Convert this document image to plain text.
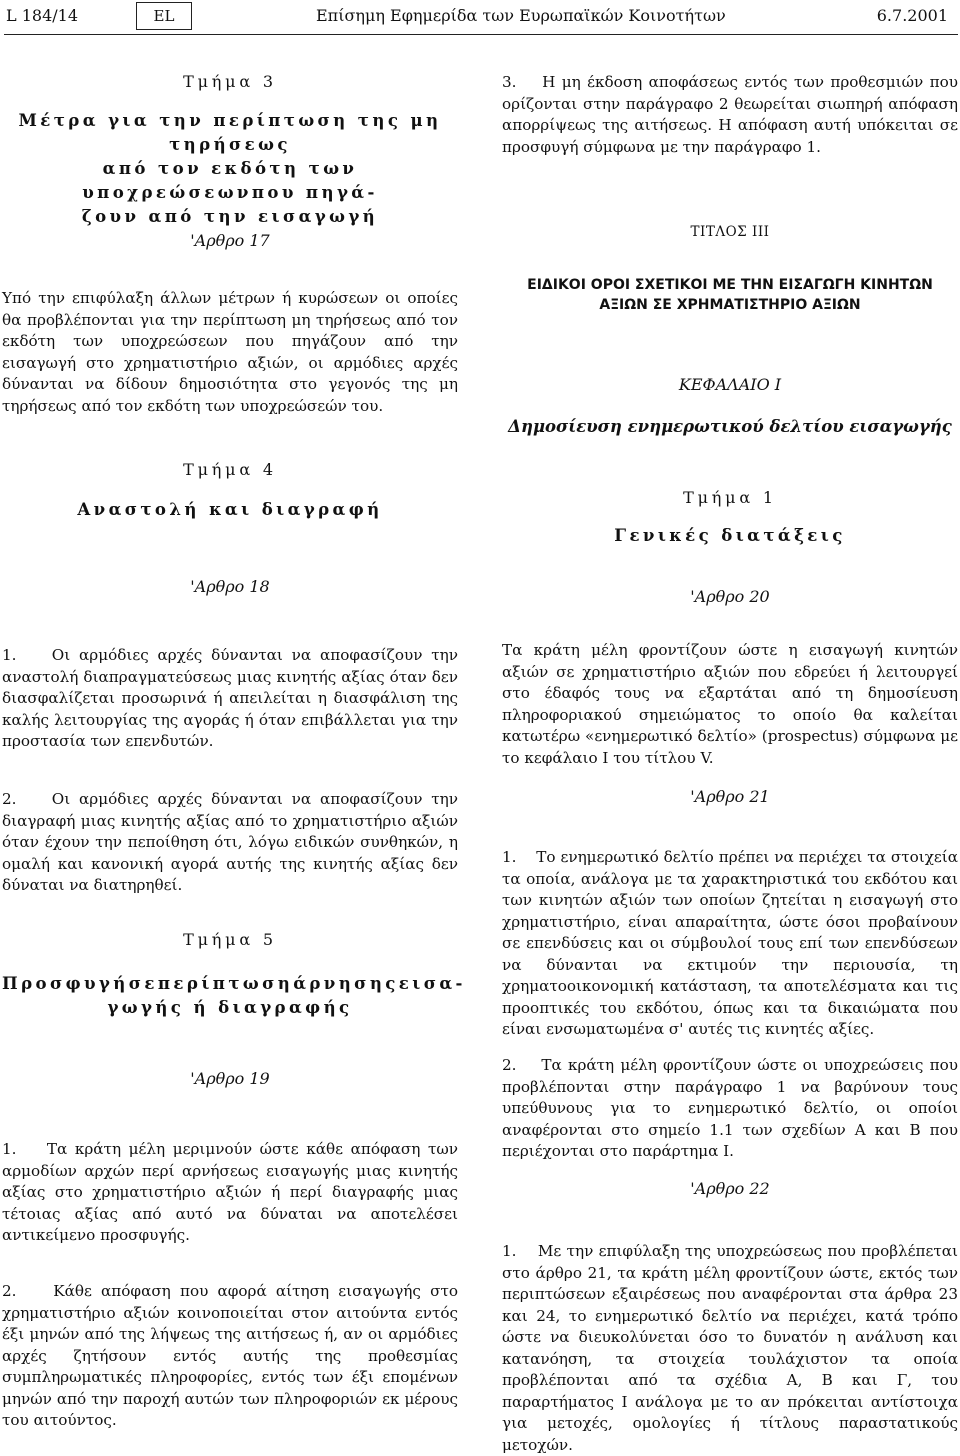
L 184/14	EL	Επίσημη Εφημερίδα των Ευρωπαϊκών Κοινοτήτων	6.7.2001
Τμήμα 3
Μέτρα για την περίπτωση της μη τηρήσεως
από τον εκδότη των υποχρεώσεωνπου πηγά-
ζουν από την εισαγωγή
'Αρθρο 17

Υπό την επιφύλαξη άλλων μέτρων ή κυρώσεων οι οποίες θα προβλέπονται για την περίπτωση μη τηρήσεως από τον εκδότη των υποχρεώσεων που πηγάζουν από την εισαγωγή στο χρηματιστήριο αξιών, οι αρμόδιες αρχές δύνανται να δίδουν δημοσιότητα στο γεγονός της μη τηρήσεως από τον εκδότη των υποχρεώσεών του.

Τμήμα 4
Αναστολή και διαγραφή
'Αρθρο 18

1.    Οι αρμόδιες αρχές δύνανται να αποφασίζουν την αναστολή διαπραγματεύσεως μιας κινητής αξίας όταν δεν διασφαλίζεται προσωρινά ή απειλείται η διασφάλιση της καλής λειτουργίας της αγοράς ή όταν επιβάλλεται για την προστασία των επενδυτών.

2.    Οι αρμόδιες αρχές δύνανται να αποφασίζουν την διαγραφή μιας κινητής αξίας από το χρηματιστήριο αξιών όταν έχουν την πεποίθηση ότι, λόγω ειδικών συνθηκών, η ομαλή και κανονική αγορά αυτής της κινητής αξίας δεν δύναται να διατηρηθεί.

Τμήμα 5
Προσφυγή σε περίπτωση άρνησης εισα-
γωγής ή διαγραφής
'Αρθρο 19

1.    Τα κράτη μέλη μεριμνούν ώστε κάθε απόφαση των αρμοδίων αρχών περί αρνήσεως εισαγωγής μιας κινητής αξίας στο χρηματιστήριο αξιών ή περί διαγραφής μιας τέτοιας αξίας από αυτό να δύναται να αποτελέσει αντικείμενο προσφυγής.

2.    Κάθε απόφαση που αφορά αίτηση εισαγωγής στο χρηματιστήριο αξιών κοινοποιείται στον αιτούντα εντός έξι μηνών από της λήψεως της αιτήσεως ή, αν οι αρμόδιες αρχές ζητήσουν εντός αυτής της προθεσμίας συμπληρωματικές πληροφορίες, εντός των έξι επομένων μηνών από την παροχή αυτών των πληροφοριών εκ μέρους του αιτούντος.

3.    Η μη έκδοση αποφάσεως εντός των προθεσμιών που ορίζονται στην παράγραφο 2 θεωρείται σιωπηρή απόφαση απορρίψεως της αιτήσεως. Η απόφαση αυτή υπόκειται σε προσφυγή σύμφωνα με την παράγραφο 1.

ΤΙΤΛΟΣ III
ΕΙΔΙΚΟΙ ΟΡΟΙ ΣΧΕΤΙΚΟΙ ΜΕ ΤΗΝ ΕΙΣΑΓΩΓΗ ΚΙΝΗΤΩΝ ΑΞΙΩΝ ΣΕ ΧΡΗΜΑΤΙΣΤΗΡΙΟ ΑΞΙΩΝ
ΚΕΦΑΛΑΙΟ Ι
Δημοσίευση ενημερωτικού δελτίου εισαγωγής
Τμήμα 1
Γενικές διατάξεις
'Αρθρο 20

Τα κράτη μέλη φροντίζουν ώστε η εισαγωγή κινητών αξιών σε χρηματιστήριο αξιών που εδρεύει ή λειτουργεί στο έδαφός τους να εξαρτάται από τη δημοσίευση πληροφοριακού σημειώματος το οποίο θα καλείται κατωτέρω «ενημερωτικό δελτίο» (prospectus) σύμφωνα με το κεφάλαιο Ι του τίτλου V.

'Αρθρο 21

1.    Το ενημερωτικό δελτίο πρέπει να περιέχει τα στοιχεία τα οποία, ανάλογα με τα χαρακτηριστικά του εκδότου και των κινητών αξιών των οποίων ζητείται η εισαγωγή στο χρηματιστήριο, είναι απαραίτητα, ώστε όσοι προβαίνουν σε επενδύσεις και οι σύμβουλοί τους επί των επενδύσεων να δύνανται να εκτιμούν την περιουσία, τη χρηματοοικονομική κατάσταση, τα αποτελέσματα και τις προοπτικές του εκδότου, όπως και τα δικαιώματα που είναι ενσωματωμένα σ' αυτές τις κινητές αξίες.

2.    Τα κράτη μέλη φροντίζουν ώστε οι υποχρεώσεις που προβλέπονται στην παράγραφο 1 να βαρύνουν τους υπεύθυνους για το ενημερωτικό δελτίο, οι οποίοι αναφέρονται στο σημείο 1.1 των σχεδίων Α και Β που περιέχονται στο παράρτημα Ι.

'Αρθρο 22

1.    Με την επιφύλαξη της υποχρεώσεως που προβλέπεται στο άρθρο 21, τα κράτη μέλη φροντίζουν ώστε, εκτός των περιπτώσεων εξαιρέσεως που αναφέρονται στα άρθρα 23 και 24, το ενημερωτικό δελτίο να περιέχει, κατά τρόπο ώστε να διευκολύνεται όσο το δυνατόν η ανάλυση και κατανόηση, τα στοιχεία τουλάχιστον τα οποία προβλέπονται από τα σχέδια Α, Β και Γ, του παραρτήματος Ι ανάλογα με το αν πρόκειται αντίστοιχα για μετοχές, ομολογίες ή τίτλους παραστατικούς μετοχών.
